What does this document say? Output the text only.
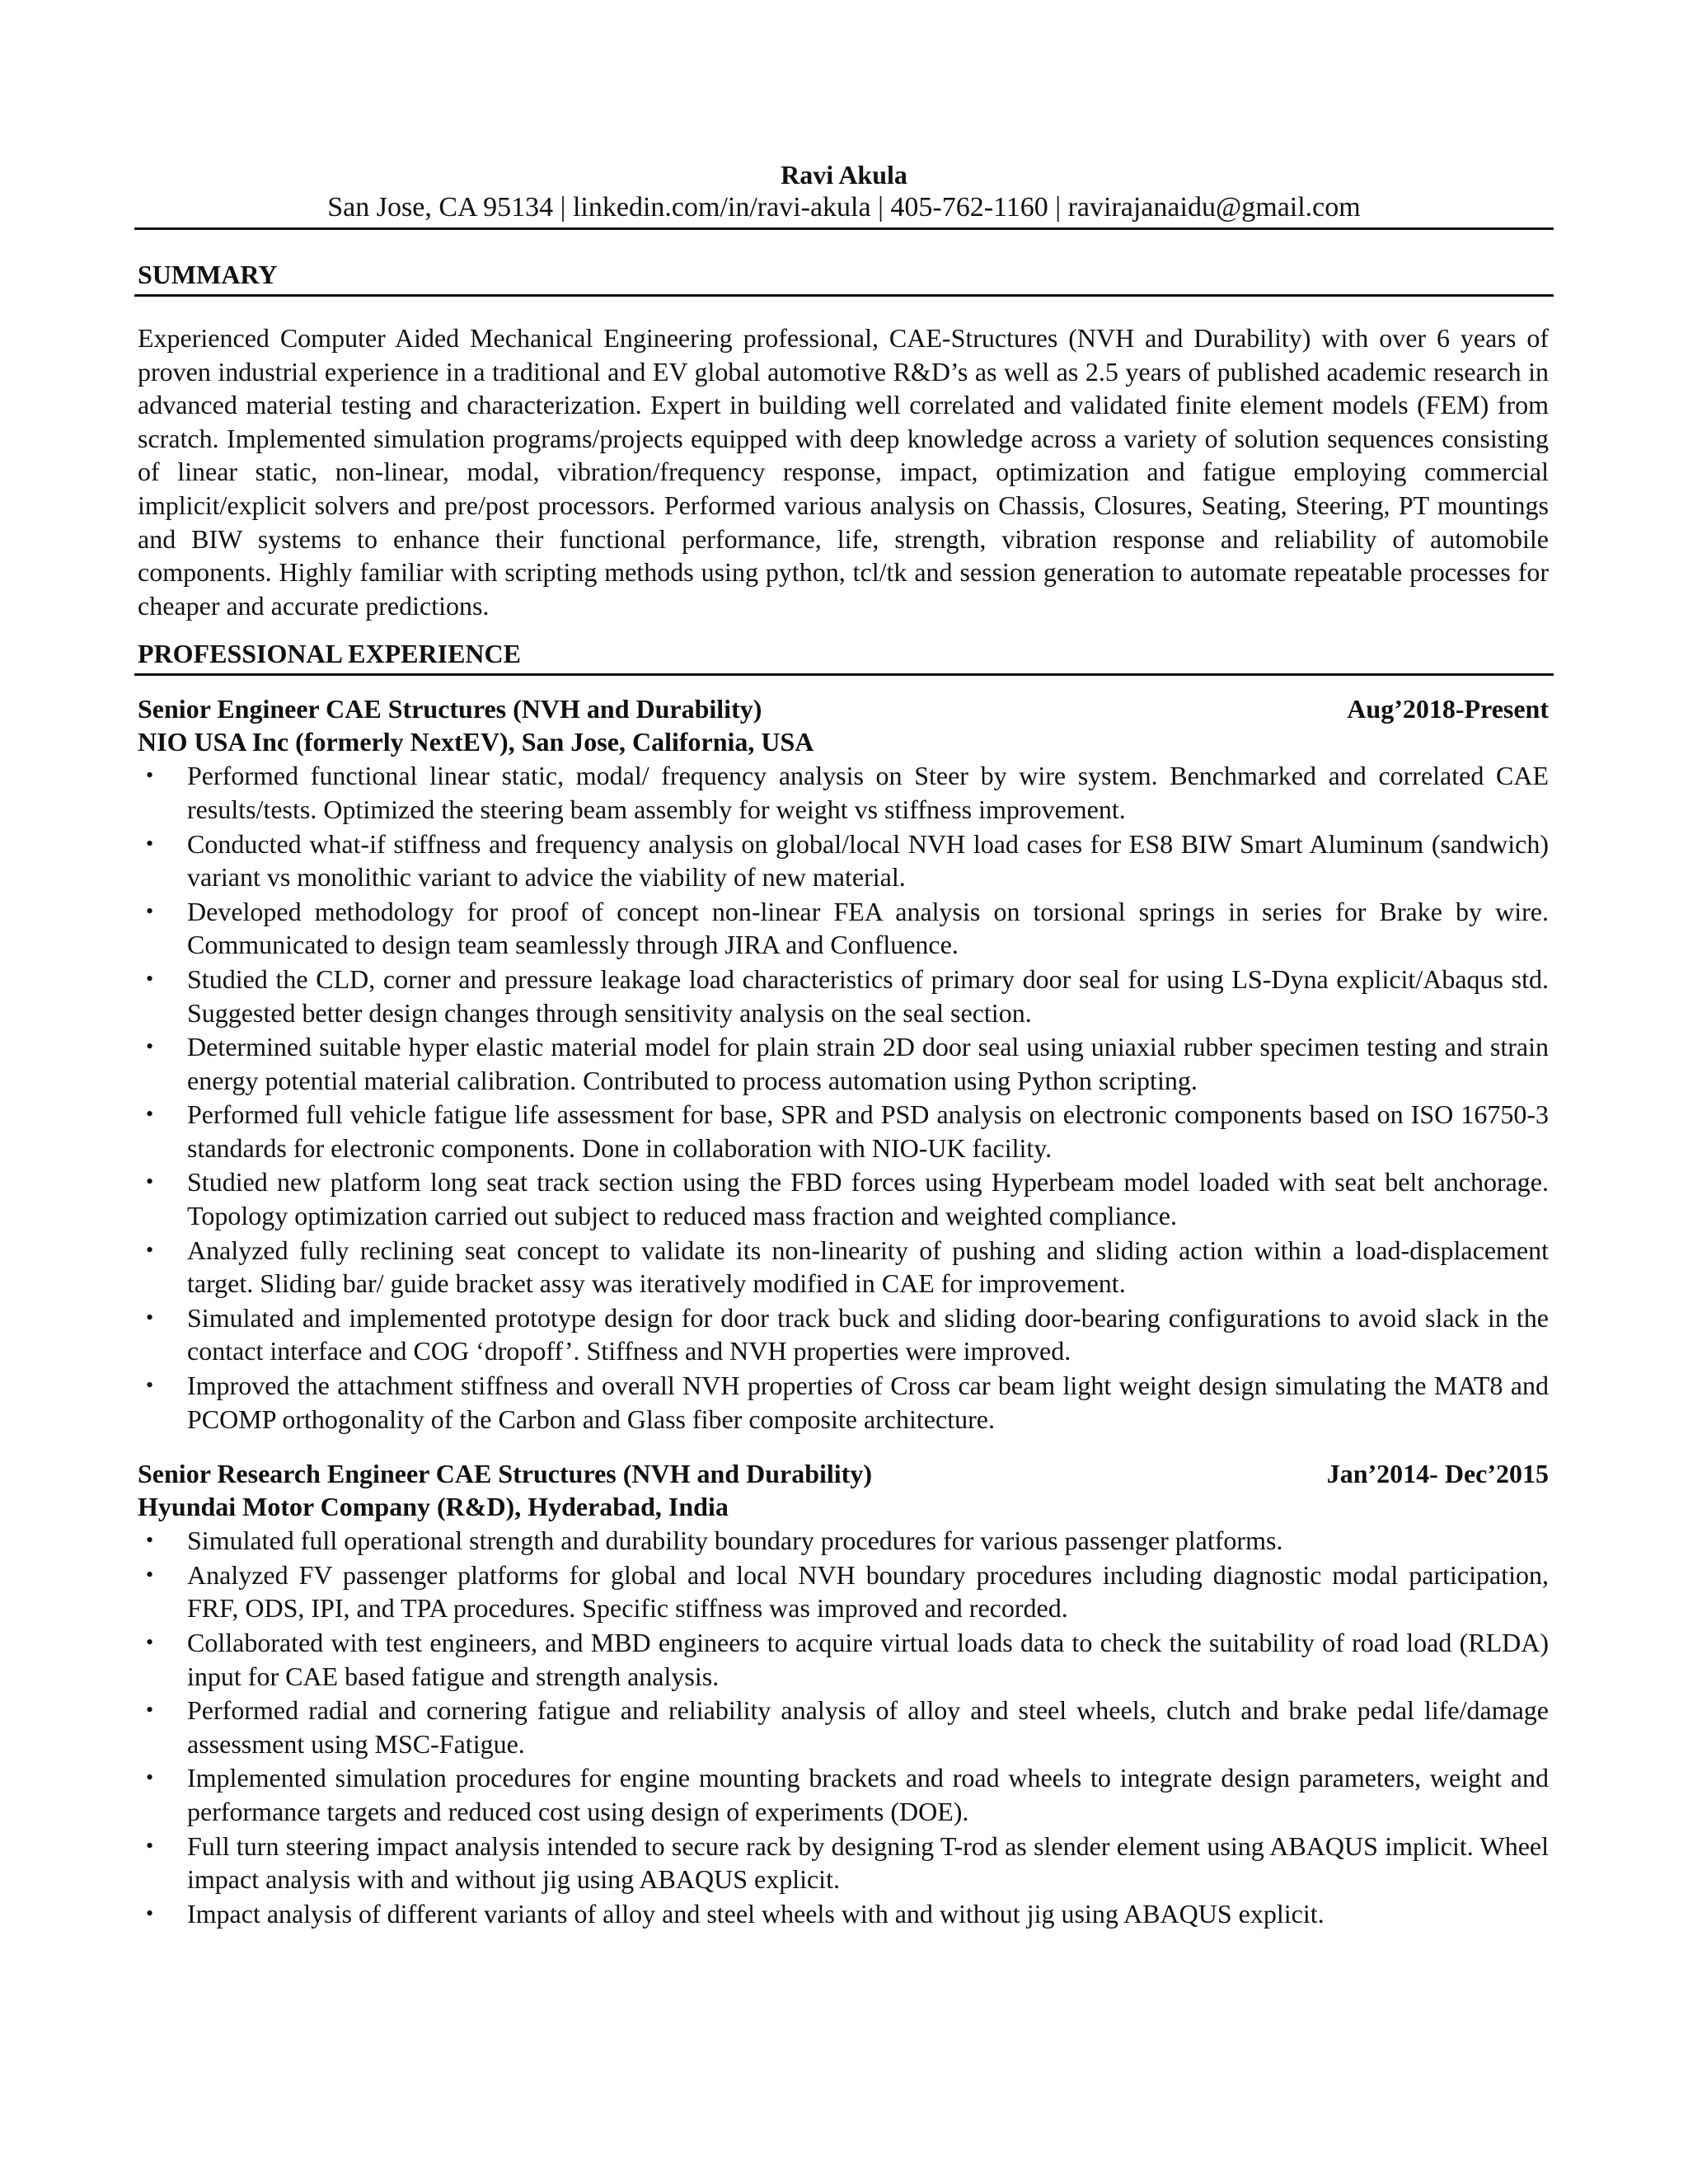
Ravi Akula
San Jose, CA 95134 | linkedin.com/in/ravi-akula | 405-762-1160 | ravirajanaidu@gmail.com
SUMMARY
Experienced Computer Aided Mechanical Engineering professional, CAE-Structures (NVH and Durability) with over 6 years of proven industrial experience in a traditional and EV global automotive R&D’s as well as 2.5 years of published academic research in advanced material testing and characterization. Expert in building well correlated and validated finite element models (FEM) from scratch. Implemented simulation programs/projects equipped with deep knowledge across a variety of solution sequences consisting of linear static, non-linear, modal, vibration/frequency response, impact, optimization and fatigue employing commercial implicit/explicit solvers and pre/post processors. Performed various analysis on Chassis, Closures, Seating, Steering, PT mountings and BIW systems to enhance their functional performance, life, strength, vibration response and reliability of automobile components. Highly familiar with scripting methods using python, tcl/tk and session generation to automate repeatable processes for cheaper and accurate predictions.
PROFESSIONAL EXPERIENCE
Senior Engineer CAE Structures (NVH and Durability)	Aug’2018-Present
NIO USA Inc (formerly NextEV), San Jose, California, USA
• Performed functional linear static, modal/ frequency analysis on Steer by wire system. Benchmarked and correlated CAE results/tests. Optimized the steering beam assembly for weight vs stiffness improvement.
• Conducted what-if stiffness and frequency analysis on global/local NVH load cases for ES8 BIW Smart Aluminum (sandwich) variant vs monolithic variant to advice the viability of new material.
• Developed methodology for proof of concept non-linear FEA analysis on torsional springs in series for Brake by wire. Communicated to design team seamlessly through JIRA and Confluence.
• Studied the CLD, corner and pressure leakage load characteristics of primary door seal for using LS-Dyna explicit/Abaqus std. Suggested better design changes through sensitivity analysis on the seal section.
• Determined suitable hyper elastic material model for plain strain 2D door seal using uniaxial rubber specimen testing and strain energy potential material calibration. Contributed to process automation using Python scripting.
• Performed full vehicle fatigue life assessment for base, SPR and PSD analysis on electronic components based on ISO 16750-3 standards for electronic components. Done in collaboration with NIO-UK facility.
• Studied new platform long seat track section using the FBD forces using Hyperbeam model loaded with seat belt anchorage. Topology optimization carried out subject to reduced mass fraction and weighted compliance.
• Analyzed fully reclining seat concept to validate its non-linearity of pushing and sliding action within a load-displacement target. Sliding bar/ guide bracket assy was iteratively modified in CAE for improvement.
• Simulated and implemented prototype design for door track buck and sliding door-bearing configurations to avoid slack in the contact interface and COG ‘dropoff’. Stiffness and NVH properties were improved.
• Improved the attachment stiffness and overall NVH properties of Cross car beam light weight design simulating the MAT8 and PCOMP orthogonality of the Carbon and Glass fiber composite architecture.
Senior Research Engineer CAE Structures (NVH and Durability)	Jan’2014- Dec’2015
Hyundai Motor Company (R&D), Hyderabad, India
• Simulated full operational strength and durability boundary procedures for various passenger platforms.
• Analyzed FV passenger platforms for global and local NVH boundary procedures including diagnostic modal participation, FRF, ODS, IPI, and TPA procedures. Specific stiffness was improved and recorded.
• Collaborated with test engineers, and MBD engineers to acquire virtual loads data to check the suitability of road load (RLDA) input for CAE based fatigue and strength analysis.
• Performed radial and cornering fatigue and reliability analysis of alloy and steel wheels, clutch and brake pedal life/damage assessment using MSC-Fatigue.
• Implemented simulation procedures for engine mounting brackets and road wheels to integrate design parameters, weight and performance targets and reduced cost using design of experiments (DOE).
• Full turn steering impact analysis intended to secure rack by designing T-rod as slender element using ABAQUS implicit. Wheel impact analysis with and without jig using ABAQUS explicit.
• Impact analysis of different variants of alloy and steel wheels with and without jig using ABAQUS explicit.
